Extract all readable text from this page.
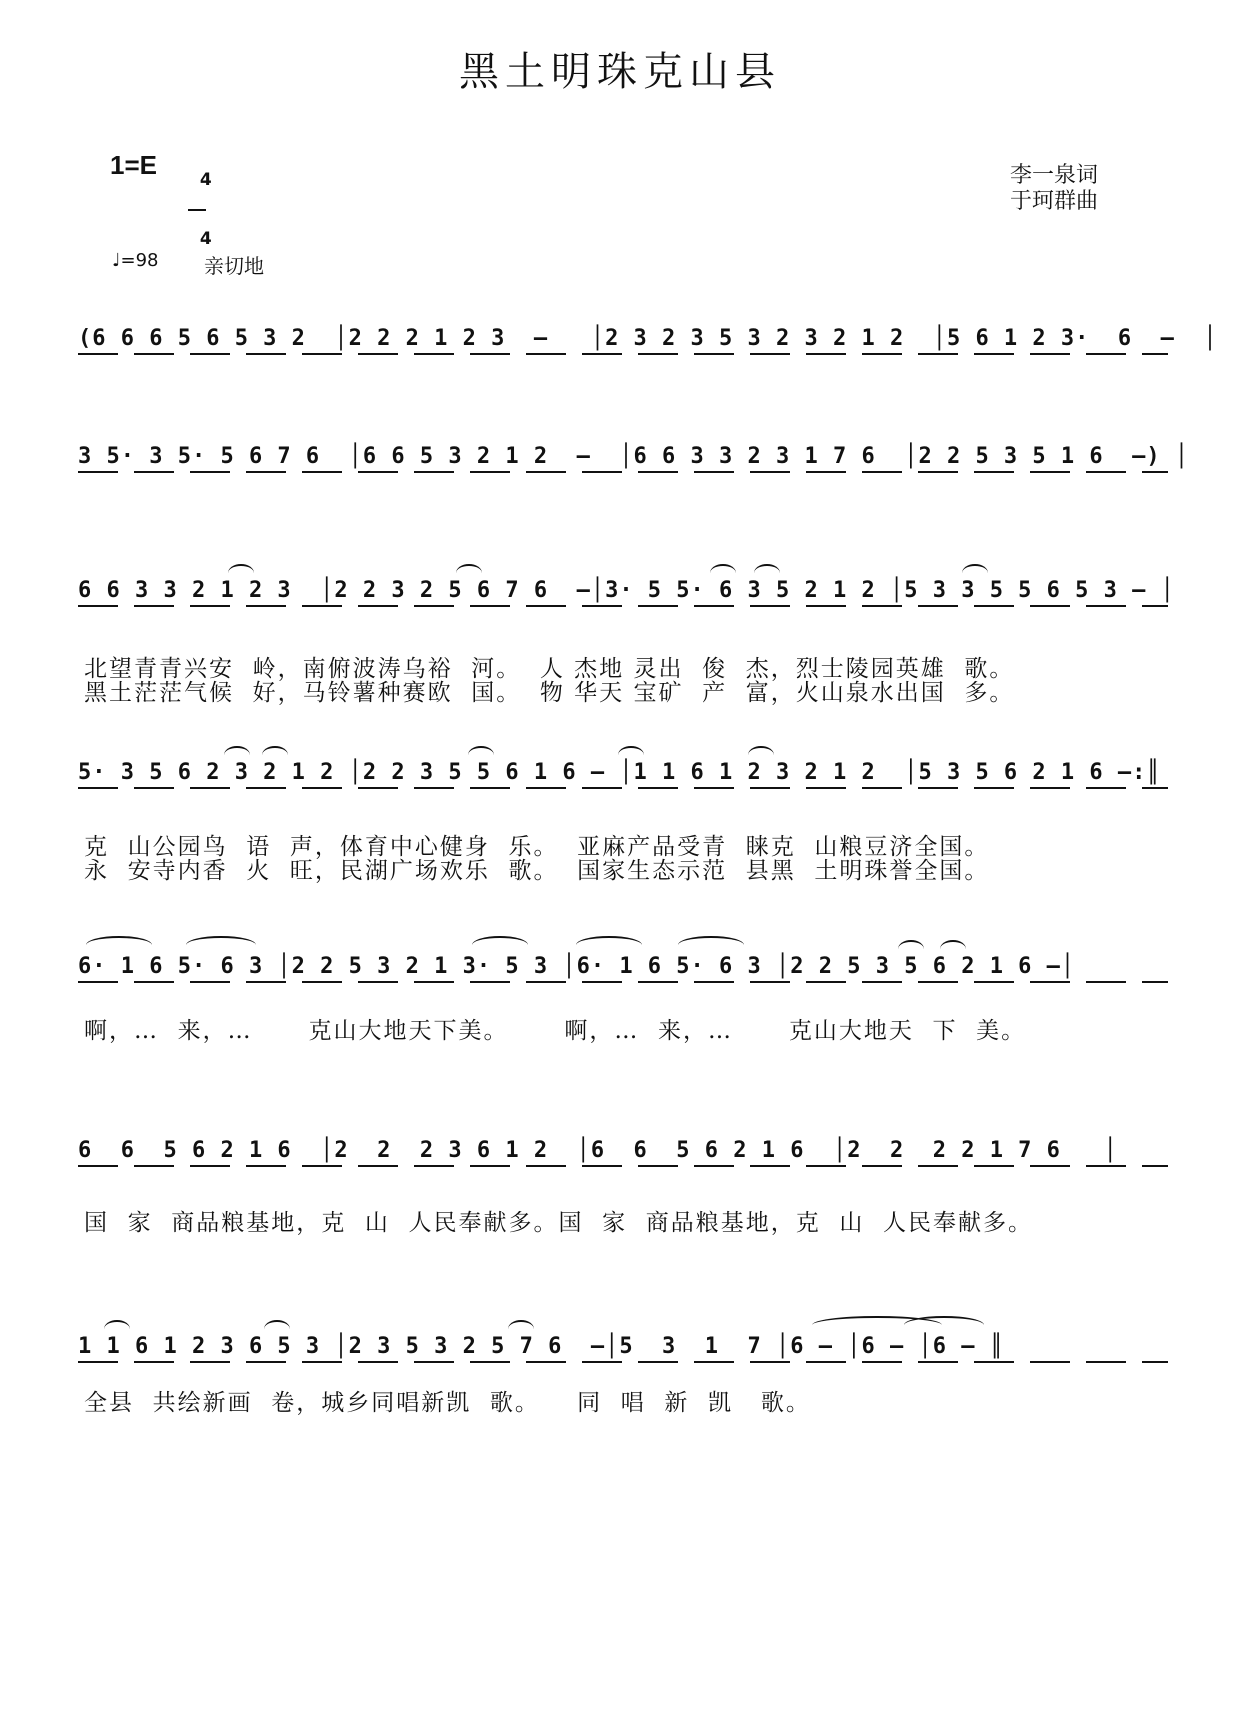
黑土明珠克山县
1=E	4

4

李一泉词
于珂群曲
♩=98 亲切地

(6 6 6 5 6 5 3 2  │2 2 2 1 2 3  –   │2 3 2 3 5 3 2 3 2 1 2  │5 6 1 2 3·  6  –  │

3 5· 3 5· 5 6 7 6  │6 6 5 3 2 1 2  –  │6 6 3 3 2 3 1 7 6  │2 2 5 3 5 1 6  –) │

6 6 3 3 2 1 2 3  │2 2 3 2 5 6 7 6  –│3· 5 5· 6 3 5 2 1 2 │5 3 3 5 5 6 5 3 – │

北望青青兴安  岭，南俯波涛乌裕  河。  人 杰地 灵出  俊  杰，烈士陵园英雄  歌。
黑土茫茫气候  好，马铃薯种赛欧  国。  物 华天 宝矿  产  富，火山泉水出国  多。

5· 3 5 6 2 3 2 1 2 │2 2 3 5 5 6 1 6 – │1 1 6 1 2 3 2 1 2  │5 3 5 6 2 1 6 –:║

克  山公园鸟  语  声，体育中心健身  乐。  亚麻产品受青  睐克  山粮豆济全国。
永  安寺内香  火  旺，民湖广场欢乐  歌。  国家生态示范  县黑  土明珠誉全国。

6· 1 6 5· 6 3 │2 2 5 3 2 1 3· 5 3 │6· 1 6 5· 6 3 │2 2 5 3 5 6 2 1 6 –│

啊，…  来，…      克山大地天下美。      啊，…  来，…      克山大地天  下  美。

6  6  5 6 2 1 6  │2  2  2 3 6 1 2  │6  6  5 6 2 1 6  │2  2  2 2 1 7 6   │

国  家  商品粮基地，克  山  人民奉献多。国  家  商品粮基地，克  山  人民奉献多。

1 1 6 1 2 3 6 5 3 │2 3 5 3 2 5 7 6  –│5  3  1  7 │6 – │6 – │6 – ║

全县  共绘新画  卷，城乡同唱新凯  歌。    同  唱  新  凯   歌。
